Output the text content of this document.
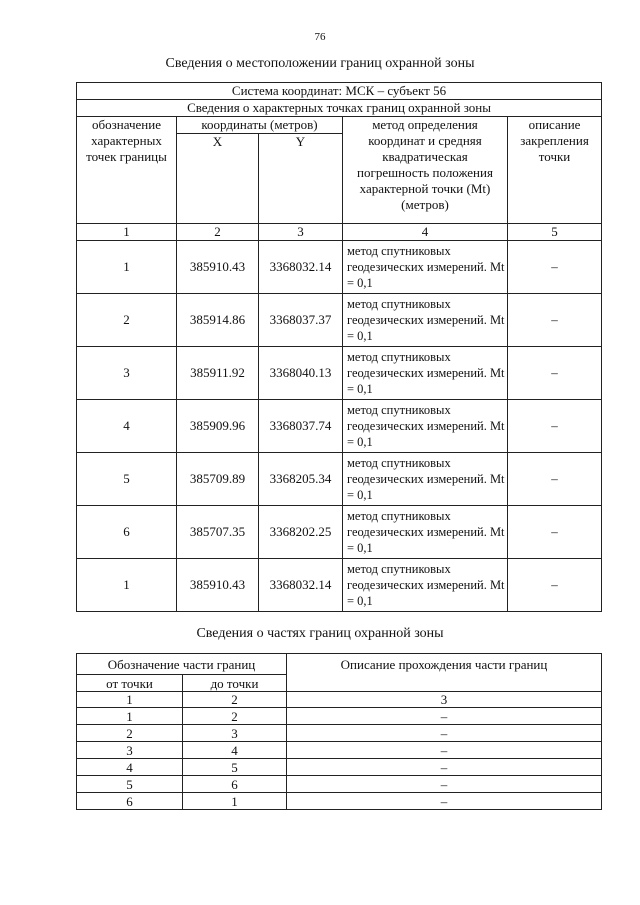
76
Сведения о местоположении границ охранной зоны
Система координат: МСК – субъект 56				
Сведения о характерных точках границ охранной зоны				
обозначение характерных точек границы	координаты (метров)		метод определения координат и средняя квадратическая погрешность положения характерной точки (Mt) (метров)	описание закрепления точки
	X	Y		
1	2	3	4	5
1	385910.43	3368032.14	метод спутниковых геодезических измерений. Mt = 0,1	–
2	385914.86	3368037.37	метод спутниковых геодезических измерений. Mt = 0,1	–
3	385911.92	3368040.13	метод спутниковых геодезических измерений. Mt = 0,1	–
4	385909.96	3368037.74	метод спутниковых геодезических измерений. Mt = 0,1	–
5	385709.89	3368205.34	метод спутниковых геодезических измерений. Mt = 0,1	–
6	385707.35	3368202.25	метод спутниковых геодезических измерений. Mt = 0,1	–
1	385910.43	3368032.14	метод спутниковых геодезических измерений. Mt = 0,1	–
Сведения о частях границ охранной зоны
Обозначение части границ		Описание прохождения части границ
от точки	до точки	
1	2	3
1	2	–
2	3	–
3	4	–
4	5	–
5	6	–
6	1	–
